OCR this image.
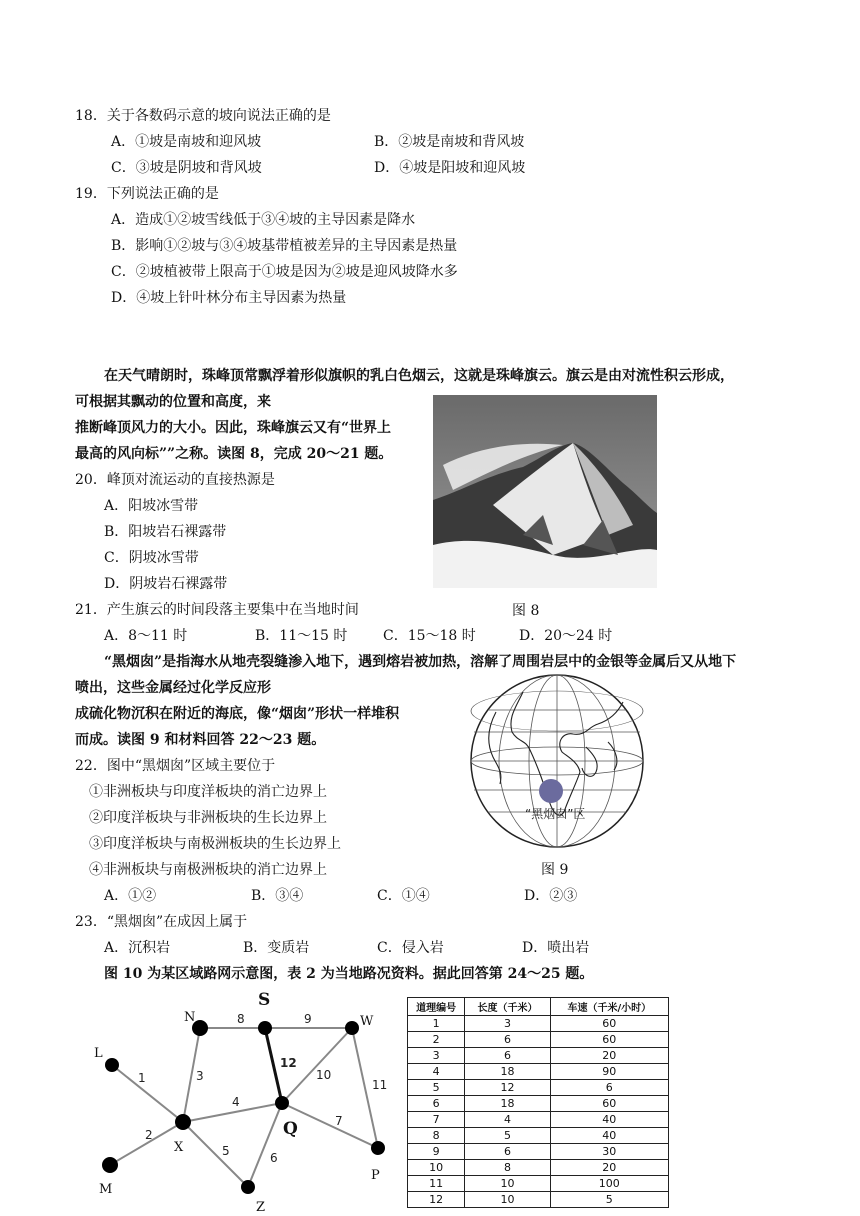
18．关于各数码示意的坡向说法正确的是
A．①坡是南坡和迎风坡	B．②坡是南坡和背风坡
C．③坡是阴坡和背风坡	D．④坡是阳坡和迎风坡
19．下列说法正确的是
A．造成①②坡雪线低于③④坡的主导因素是降水
B．影响①②坡与③④坡基带植被差异的主导因素是热量
C．②坡植被带上限高于①坡是因为②坡是迎风坡降水多
D．④坡上针叶林分布主导因素为热量
在天气晴朗时，珠峰顶常飘浮着形似旗帜的乳白色烟云，这就是珠峰旗云。旗云是由对流性积云形成，
可根据其飘动的位置和高度，来
推断峰顶风力的大小。因此，珠峰旗云又有“世界上
最高的风向标””之称。读图 8，完成 20～21 题。
20．峰顶对流运动的直接热源是
A．阳坡冰雪带
B．阳坡岩石裸露带
C．阴坡冰雪带
D．阴坡岩石裸露带
图 8
21．产生旗云的时间段落主要集中在当地时间
A．8～11 时	B．11～15 时	C．15～18 时	D．20～24 时
“黑烟囱”是指海水从地壳裂缝渗入地下，遇到熔岩被加热，溶解了周围岩层中的金银等金属后又从地下
喷出，这些金属经过化学反应形
成硫化物沉积在附近的海底，像“烟囱”形状一样堆积
而成。读图 9 和材料回答 22～23 题。
“黑烟囱”区
图 9
22．图中“黑烟囱”区域主要位于
①非洲板块与印度洋板块的消亡边界上
②印度洋板块与非洲板块的生长边界上
③印度洋板块与南极洲板块的生长边界上
④非洲板块与南极洲板块的消亡边界上
A．①②	B．③④	C．①④	D．②③
23．“黑烟囱”在成因上属于
A．沉积岩	B．变质岩	C．侵入岩	D．喷出岩
图 10 为某区域路网示意图，表 2 为当地路况资料。据此回答第 24～25 题。
S
N	W
L
X
Q
M
Z
P
8	9
1	3
4
12
10
11
7
2
5	6
道理编号	长度（千米）	车速（千米/小时）
1	3	60
2	6	60
3	6	20
4	18	90
5	12	6
6	18	60
7	4	40
8	5	40
9	6	30
10	8	20
11	10	100
12	10	5
